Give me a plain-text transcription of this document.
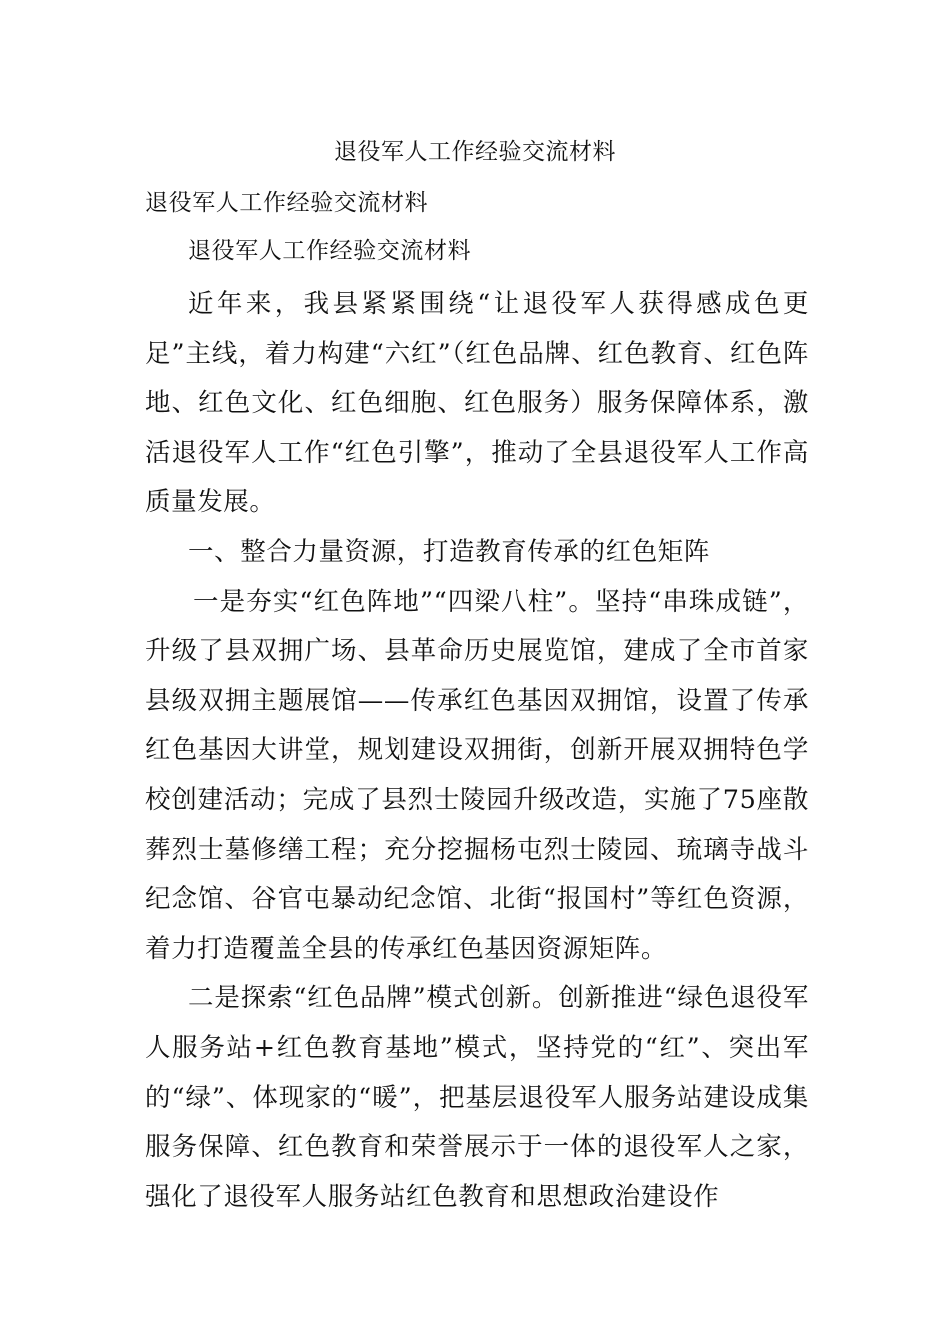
退役军人工作经验交流材料

退役军人工作经验交流材料

退役军人工作经验交流材料

近年来，我县紧紧围绕“让退役军人获得感成色更足”主线，着力构建“六红”（红色品牌、红色教育、红色阵地、红色文化、红色细胞、红色服务）服务保障体系，激活退役军人工作“红色引擎”，推动了全县退役军人工作高质量发展。

一、整合力量资源，打造教育传承的红色矩阵

一是夯实“红色阵地”“四梁八柱”。坚持“串珠成链”，升级了县双拥广场、县革命历史展览馆，建成了全市首家县级双拥主题展馆——传承红色基因双拥馆，设置了传承红色基因大讲堂，规划建设双拥街，创新开展双拥特色学校创建活动；完成了县烈士陵园升级改造，实施了75座散葬烈士墓修缮工程；充分挖掘杨屯烈士陵园、琉璃寺战斗纪念馆、谷官屯暴动纪念馆、北街“报国村”等红色资源，着力打造覆盖全县的传承红色基因资源矩阵。

二是探索“红色品牌”模式创新。创新推进“绿色退役军人服务站+红色教育基地”模式，坚持党的“红”、突出军的“绿”、体现家的“暖”，把基层退役军人服务站建设成集服务保障、红色教育和荣誉展示于一体的退役军人之家，强化了退役军人服务站红色教育和思想政治建设作
